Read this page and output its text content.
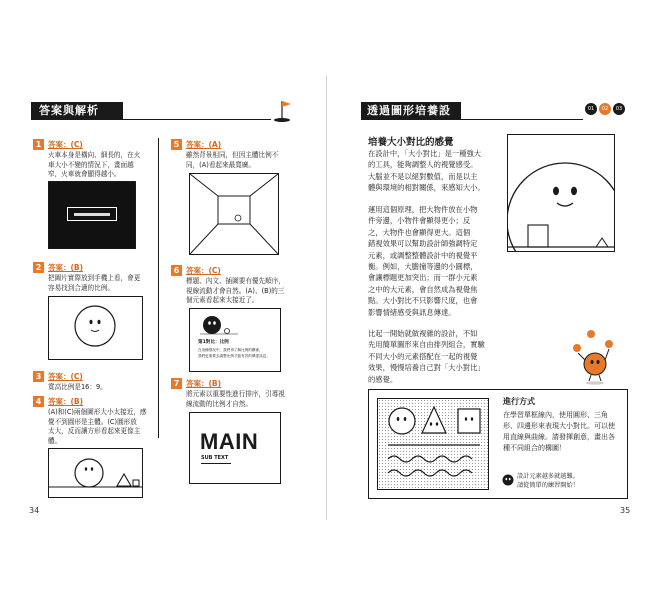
答案與解析
1 答案：(C)
火車本身是橫向、細長的，在火
車大小不變的情況下，畫面越
窄，火車就會顯得越小。
2 答案：(B)
把圖片實際放到手機上看，會更
容易找到合適的比例。
3 答案：(C)
寬高比例是16：9。
4 答案：(B)
(A)和(C)兩個圖形大小太接近，感
覺不到圓形是主體。(C)圓形放
太大，反而讓方形看起來更像主
體。
5 答案：(A)
雖然背景相同，但因主體比例不
同，(A)看起來最寬廣。
6 答案：(C)
標題、內文、插圖要有優先順序，
視線流動才會自然。(A)、(B)的三
個元素看起來太接近了。
第1對比：比例
在這種情況中，我們得了解比例的關係，
我們更需要去調整比例才能有效的傳達訊息。
7 答案：(B)
將元素以重要性進行排序，引導視
線流動的比例才自然。
MAIN
SUB TEXT
34
透過圖形培養設計感
01	02	03
培養大小對比的感覺
在設計中，「大小對比」是一種強大
的工具，能夠調整人的視覺感受。
大腦並不是以絕對數值，而是以主
體與環境的相對關係，來感知大小。
運用這個原理，把大物件放在小物
件旁邊，小物件會顯得更小；反
之，大物件也會顯得更大。這個
錯視效果可以幫助設計師強調特定
元素，或調整整體設計中的視覺平
衡。例如，大膽撞等邊的小圓標，
會讓標題更加突出；而一群小元素
之中的大元素，會自然成為視覺焦
點。大小對比不只影響尺度，也會
影響情緒感受與訊息傳達。
比起一開始就做複雜的設計，不如
先用簡單圖形來自由排列組合，實驗
不同大小的元素搭配在一起的視覺
效果，慢慢培養自己對「大小對比」
的感覺。
進行方式
在學習單框線內，使用圓形、三角
形、四邊形來表現大小對比。可以使
用直線與曲線。請發揮創意，畫出各
種不同組合的構圖！
設計元素越多就越難。
請從簡單的練習開始！
35
